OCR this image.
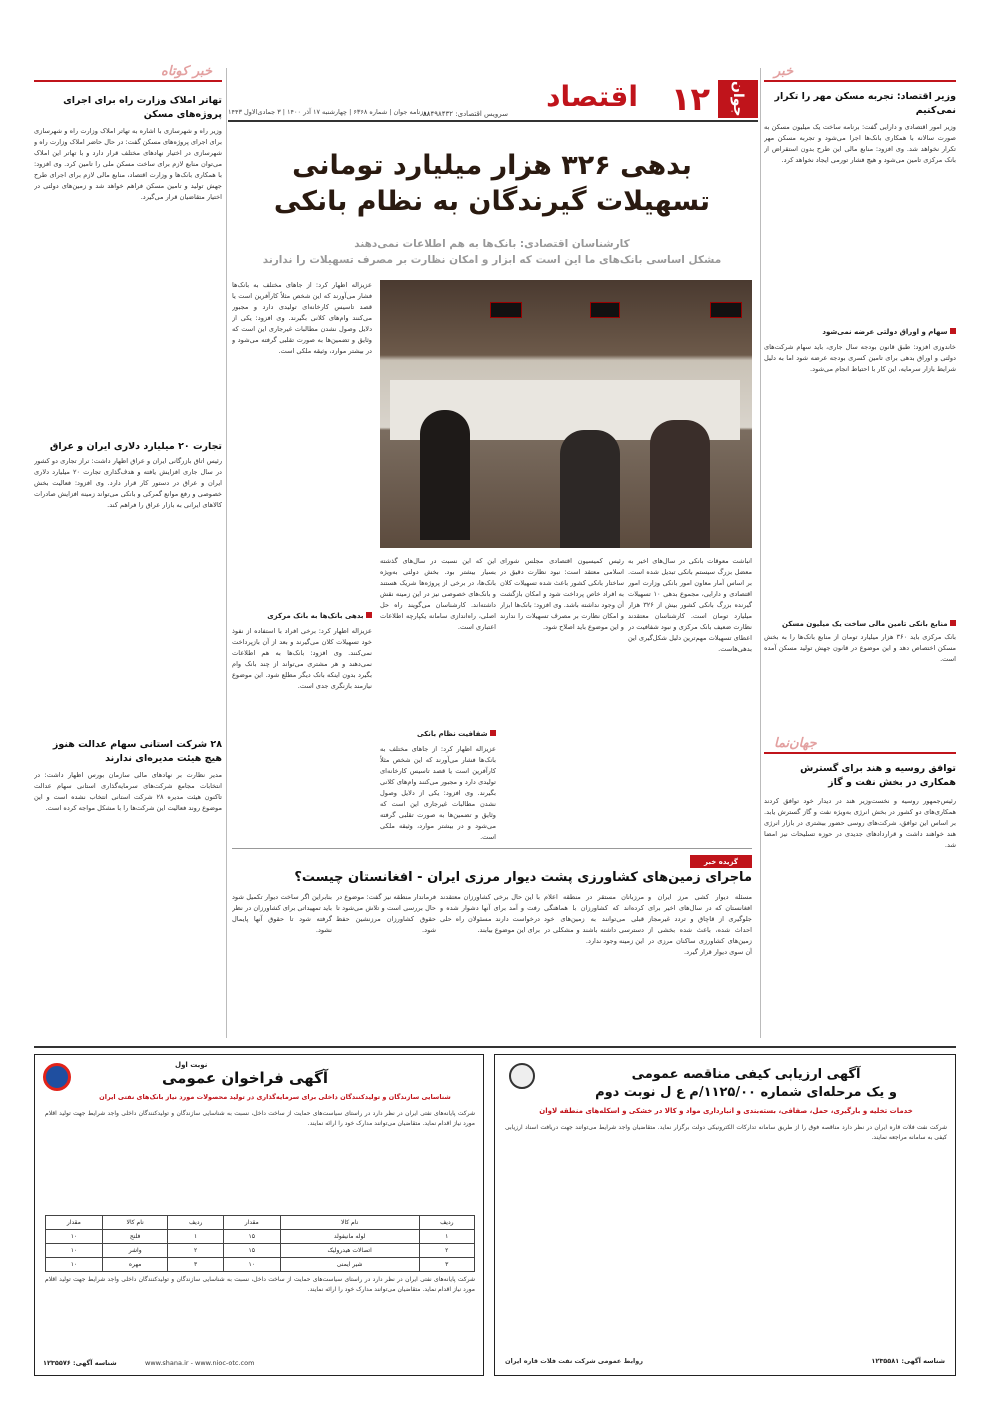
جوان
۱۲
اقتصاد
سرویس اقتصادی: ۸۸۴۹۸۴۳۲
روزنامه جوان | شماره ۶۳۶۸ | چهارشنبه ۱۷ آذر ۱۴۰۰ | ۳ جمادی‌الاول ۱۴۴۳
خبر کوتاه
تهاتر املاک وزارت راه برای اجرای پروژه‌های مسکن
وزیر راه و شهرسازی با اشاره به تهاتر املاک وزارت راه و شهرسازی برای اجرای پروژه‌های مسکن گفت: در حال حاضر املاک وزارت راه و شهرسازی در اختیار نهادهای مختلف قرار دارد و با تهاتر این املاک می‌توان منابع لازم برای ساخت مسکن ملی را تامین کرد. وی افزود: با همکاری بانک‌ها و وزارت اقتصاد، منابع مالی لازم برای اجرای طرح جهش تولید و تامین مسکن فراهم خواهد شد و زمین‌های دولتی در اختیار متقاضیان قرار می‌گیرد.
تجارت ۲۰ میلیارد دلاری ایران و عراق
رئیس اتاق بازرگانی ایران و عراق اظهار داشت: تراز تجاری دو کشور در سال جاری افزایش یافته و هدف‌گذاری تجارت ۲۰ میلیارد دلاری ایران و عراق در دستور کار قرار دارد. وی افزود: فعالیت بخش خصوصی و رفع موانع گمرکی و بانکی می‌تواند زمینه افزایش صادرات کالاهای ایرانی به بازار عراق را فراهم کند.
۲۸ شرکت استانی سهام عدالت هنوز هیچ هیئت مدیره‌ای ندارند
مدیر نظارت بر نهادهای مالی سازمان بورس اظهار داشت: در انتخابات مجامع شرکت‌های سرمایه‌گذاری استانی سهام عدالت تاکنون هیئت مدیره ۲۸ شرکت استانی انتخاب نشده است و این موضوع روند فعالیت این شرکت‌ها را با مشکل مواجه کرده است.
خبر
وزیر اقتصاد: تجربه مسکن مهر را تکرار نمی‌کنیم
وزیر امور اقتصادی و دارایی گفت: برنامه ساخت یک میلیون مسکن به صورت سالانه با همکاری بانک‌ها اجرا می‌شود و تجربه مسکن مهر تکرار نخواهد شد. وی افزود: منابع مالی این طرح بدون استقراض از بانک مرکزی تامین می‌شود و هیچ فشار تورمی ایجاد نخواهد کرد.
سهام و اوراق دولتی عرضه نمی‌شود
خاندوزی افزود: طبق قانون بودجه سال جاری، باید سهام شرکت‌های دولتی و اوراق بدهی برای تامین کسری بودجه عرضه شود اما به دلیل شرایط بازار سرمایه، این کار با احتیاط انجام می‌شود.
منابع بانکی تامین مالی ساخت یک میلیون مسکن
بانک مرکزی باید ۳۶۰ هزار میلیارد تومان از منابع بانک‌ها را به بخش مسکن اختصاص دهد و این موضوع در قانون جهش تولید مسکن آمده است.
جهان‌نما
توافق روسیه و هند برای گسترش همکاری در بخش نفت و گاز
رئیس‌جمهور روسیه و نخست‌وزیر هند در دیدار خود توافق کردند همکاری‌های دو کشور در بخش انرژی به‌ویژه نفت و گاز گسترش یابد. بر اساس این توافق، شرکت‌های روسی حضور بیشتری در بازار انرژی هند خواهند داشت و قراردادهای جدیدی در حوزه تسلیحات نیز امضا شد.
بدهی ۳۲۶ هزار میلیارد تومانی
تسهیلات گیرندگان به نظام بانکی
کارشناسان اقتصادی: بانک‌ها به هم اطلاعات نمی‌دهند
مشکل اساسی بانک‌های ما این است که ابزار و امکان نظارت بر مصرف تسهیلات را ندارند
عزیزاله اظهار کرد: از جاهای مختلف به بانک‌ها فشار می‌آورند که این شخص مثلاً کارآفرین است یا قصد تاسیس کارخانه‌ای تولیدی دارد و مجبور می‌کنند وام‌های کلانی بگیرند. وی افزود: یکی از دلایل وصول نشدن مطالبات غیرجاری این است که وثایق و تضمین‌ها به صورت تقلبی گرفته می‌شود و در بیشتر موارد، وثیقه ملکی است.
بدهی بانک‌ها به بانک مرکزی
عزیزاله اظهار کرد: برخی افراد با استفاده از نفوذ خود تسهیلات کلان می‌گیرند و بعد از آن بازپرداخت نمی‌کنند. وی افزود: بانک‌ها به هم اطلاعات نمی‌دهند و هر مشتری می‌تواند از چند بانک وام بگیرد بدون اینکه بانک دیگر مطلع شود. این موضوع نیازمند بازنگری جدی است.
انباشت معوقات بانکی در سال‌های اخیر به معضل بزرگ سیستم بانکی تبدیل شده است. بر اساس آمار معاون امور بانکی وزارت امور اقتصادی و دارایی، مجموع بدهی ۱۰ تسهیلات گیرنده بزرگ بانکی کشور بیش از ۳۲۶ هزار میلیارد تومان است. کارشناسان معتقدند نظارت ضعیف بانک مرکزی و نبود شفافیت در اعطای تسهیلات مهم‌ترین دلیل شکل‌گیری این بدهی‌هاست.
رئیس کمیسیون اقتصادی مجلس شورای اسلامی معتقد است: نبود نظارت دقیق در ساختار بانکی کشور باعث شده تسهیلات کلان به افراد خاص پرداخت شود و امکان بازگشت آن وجود نداشته باشد. وی افزود: بانک‌ها ابزار و امکان نظارت بر مصرف تسهیلات را ندارند و این موضوع باید اصلاح شود.
این که این نسبت در سال‌های گذشته بسیار بیشتر بود. بخش دولتی به‌ویژه بانک‌ها، در برخی از پروژه‌ها شریک هستند و بانک‌های خصوصی نیز در این زمینه نقش داشته‌اند. کارشناسان می‌گویند راه حل اصلی، راه‌اندازی سامانه یکپارچه اطلاعات اعتباری است.
شفافیت نظام بانکی
عزیزاله اظهار کرد: از جاهای مختلف به بانک‌ها فشار می‌آورند که این شخص مثلاً کارآفرین است یا قصد تاسیس کارخانه‌ای تولیدی دارد و مجبور می‌کنند وام‌های کلانی بگیرند. وی افزود: یکی از دلایل وصول نشدن مطالبات غیرجاری این است که وثایق و تضمین‌ها به صورت تقلبی گرفته می‌شود و در بیشتر موارد، وثیقه ملکی است.
گزیده خبر
ماجرای زمین‌های کشاورزی پشت دیوار مرزی ایران - افغانستان چیست؟
مسئله دیوار کشی مرز ایران و افغانستان که در سال‌های اخیر برای جلوگیری از قاچاق و تردد غیرمجاز احداث شده، باعث شده بخشی از زمین‌های کشاورزی ساکنان مرزی در آن سوی دیوار قرار گیرد.
مرزبانان مستقر در منطقه اعلام کرده‌اند که کشاورزان با هماهنگی قبلی می‌توانند به زمین‌های خود دسترسی داشته باشند و مشکلی در این زمینه وجود ندارد.
با این حال برخی کشاورزان معتقدند رفت و آمد برای آنها دشوار شده و درخواست دارند مسئولان راه حلی برای این موضوع بیابند.
فرماندار منطقه نیز گفت: موضوع در حال بررسی است و تلاش می‌شود تا حقوق کشاورزان مرزنشین حفظ شود.
بنابراین اگر ساخت دیوار تکمیل شود باید تمهیداتی برای کشاورزان در نظر گرفته شود تا حقوق آنها پایمال نشود.
نوبت اول
آگهی فراخوان عمومی
شناسایی سازندگان و تولیدکنندگان داخلی برای سرمایه‌گذاری در تولید محصولات مورد نیاز بانک‌های نفتی ایران
شرکت پایانه‌های نفتی ایران در نظر دارد در راستای سیاست‌های حمایت از ساخت داخل، نسبت به شناسایی سازندگان و تولیدکنندگان داخلی واجد شرایط جهت تولید اقلام مورد نیاز اقدام نماید. متقاضیان می‌توانند مدارک خود را ارائه نمایند.
ردیف	نام کالا	مقدار	ردیف	نام کالا	مقدار
۱	لوله مانیفولد	۱۵	۱	فلنج	۱۰
۲	اتصالات هیدرولیک	۱۵	۲	واشر	۱۰
۳	شیر ایمنی	۱۰	۳	مهره	۱۰
شرکت پایانه‌های نفتی ایران در نظر دارد در راستای سیاست‌های حمایت از ساخت داخل، نسبت به شناسایی سازندگان و تولیدکنندگان داخلی واجد شرایط جهت تولید اقلام مورد نیاز اقدام نماید. متقاضیان می‌توانند مدارک خود را ارائه نمایند.
www.shana.ir - www.nioc-otc.com
شناسه آگهی: ۱۲۳۵۵۷۶
آگهی ارزیابی کیفی مناقصه عمومی
و یک مرحله‌ای شماره ۱۱۲۵/۰۰/م ع ل نوبت دوم
خدمات تخلیه و بارگیری، حمل، صفافی، بسته‌بندی و انبارداری مواد و کالا در خشکی و اسکله‌های منطقه لاوان
شرکت نفت فلات قاره ایران در نظر دارد مناقصه فوق را از طریق سامانه تدارکات الکترونیکی دولت برگزار نماید. متقاضیان واجد شرایط می‌توانند جهت دریافت اسناد ارزیابی کیفی به سامانه مراجعه نمایند.
روابط عمومی شرکت نفت فلات قاره ایران	شناسه آگهی: ۱۲۳۵۵۸۱
